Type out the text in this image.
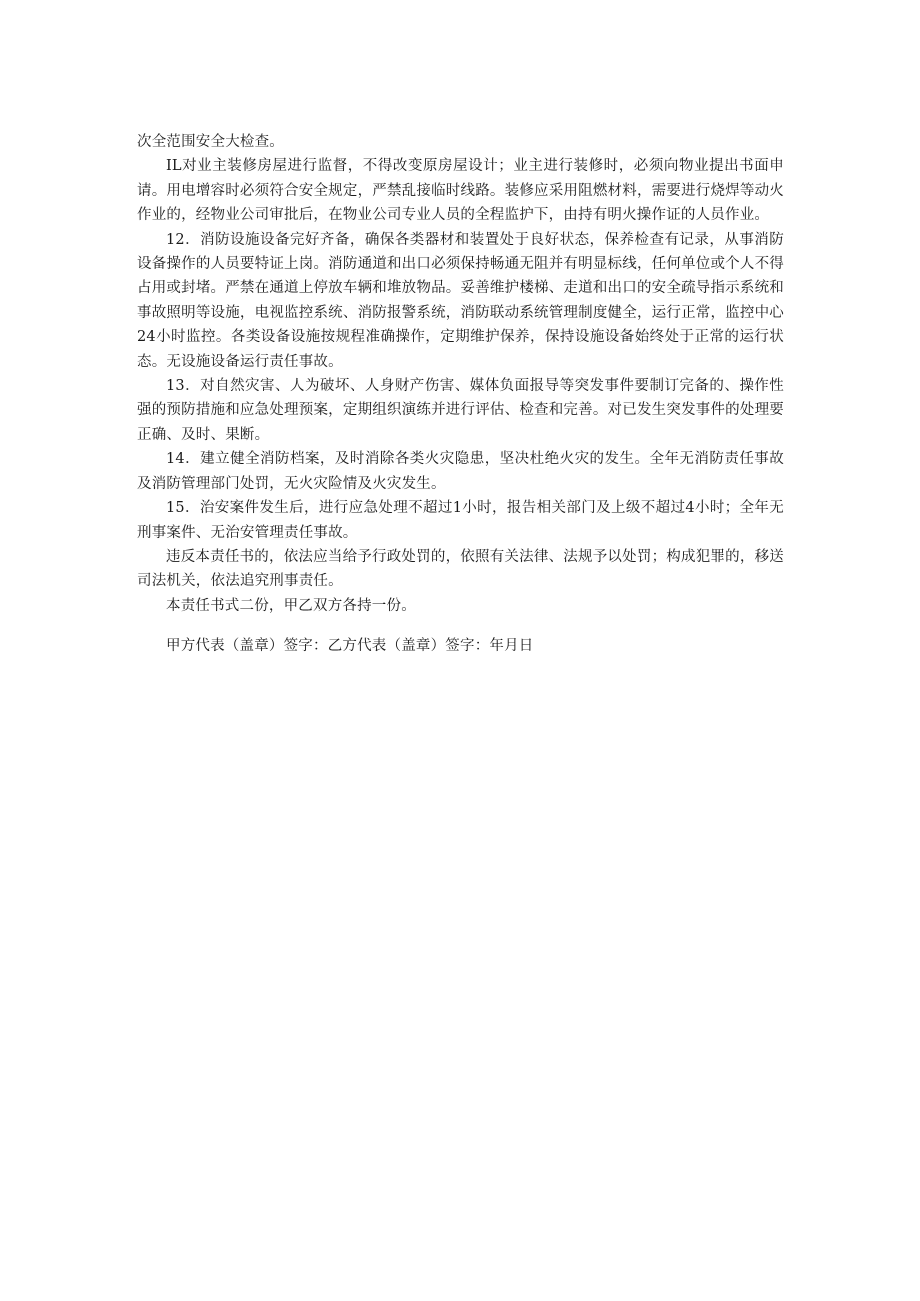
次全范围安全大检查。

IL对业主装修房屋进行监督，不得改变原房屋设计；业主进行装修时，必须向物业提出书面申请。用电增容时必须符合安全规定，严禁乱接临时线路。装修应采用阻燃材料，需要进行烧焊等动火作业的，经物业公司审批后，在物业公司专业人员的全程监护下，由持有明火操作证的人员作业。

12．消防设施设备完好齐备，确保各类器材和装置处于良好状态，保养检查有记录，从事消防设备操作的人员要特证上岗。消防通道和出口必须保持畅通无阻并有明显标线，任何单位或个人不得占用或封堵。严禁在通道上停放车辆和堆放物品。妥善维护楼梯、走道和出口的安全疏导指示系统和事故照明等设施，电视监控系统、消防报警系统，消防联动系统管理制度健全，运行正常，监控中心24小时监控。各类设备设施按规程准确操作，定期维护保养，保持设施设备始终处于正常的运行状态。无设施设备运行责任事故。

13．对自然灾害、人为破坏、人身财产伤害、媒体负面报导等突发事件要制订完备的、操作性强的预防措施和应急处理预案，定期组织演练并进行评估、检查和完善。对已发生突发事件的处理要正确、及时、果断。

14．建立健全消防档案，及时消除各类火灾隐患，坚决杜绝火灾的发生。全年无消防责任事故及消防管理部门处罚，无火灾险情及火灾发生。

15．治安案件发生后，进行应急处理不超过1小时，报告相关部门及上级不超过4小时；全年无刑事案件、无治安管理责任事故。

违反本责任书的，依法应当给予行政处罚的，依照有关法律、法规予以处罚；构成犯罪的，移送司法机关，依法追究刑事责任。

本责任书式二份，甲乙双方各持一份。

甲方代表（盖章）签字：乙方代表（盖章）签字：年月日
